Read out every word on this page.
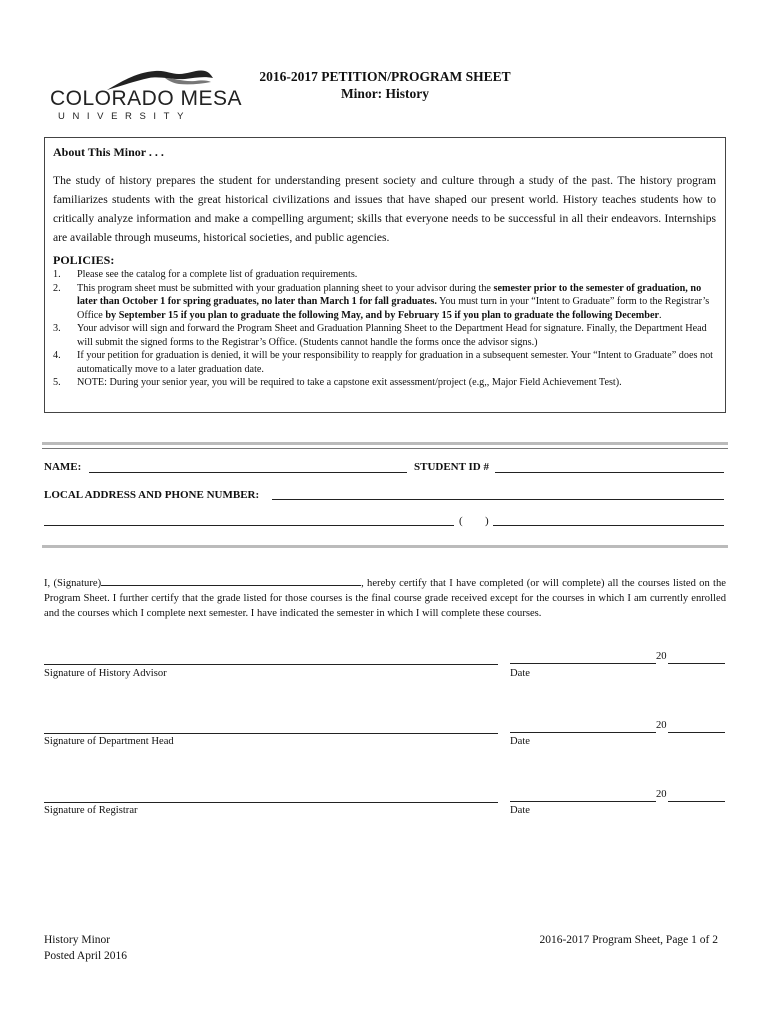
COLORADO MESA
UNIVERSITY
2016-2017 PETITION/PROGRAM SHEET
Minor: History
About This Minor . . .
The study of history prepares the student for understanding present society and culture through a study of the past. The history program familiarizes students with the great historical civilizations and issues that have shaped our present world. History teaches students how to critically analyze information and make a compelling argument; skills that everyone needs to be successful in all their endeavors. Internships are available through museums, historical societies, and public agencies.
POLICIES:
1. Please see the catalog for a complete list of graduation requirements.
2. This program sheet must be submitted with your graduation planning sheet to your advisor during the semester prior to the semester of graduation, no later than October 1 for spring graduates, no later than March 1 for fall graduates. You must turn in your “Intent to Graduate” form to the Registrar’s Office by September 15 if you plan to graduate the following May, and by February 15 if you plan to graduate the following December.
3. Your advisor will sign and forward the Program Sheet and Graduation Planning Sheet to the Department Head for signature. Finally, the Department Head will submit the signed forms to the Registrar’s Office. (Students cannot handle the forms once the advisor signs.)
4. If your petition for graduation is denied, it will be your responsibility to reapply for graduation in a subsequent semester. Your “Intent to Graduate” does not automatically move to a later graduation date.
5. NOTE: During your senior year, you will be required to take a capstone exit assessment/project (e.g,, Major Field Achievement Test).
NAME:	STUDENT ID #
LOCAL ADDRESS AND PHONE NUMBER:
( )
I, (Signature)	, hereby certify that I have completed (or will complete) all the courses listed on the Program Sheet. I further certify that the grade listed for those courses is the final course grade received except for the courses in which I am currently enrolled and the courses which I complete next semester. I have indicated the semester in which I will complete these courses.
Signature of History Advisor
20
Date
Signature of Department Head
20
Date
Signature of Registrar
20
Date
History Minor
Posted April 2016
2016-2017 Program Sheet, Page 1 of 2
